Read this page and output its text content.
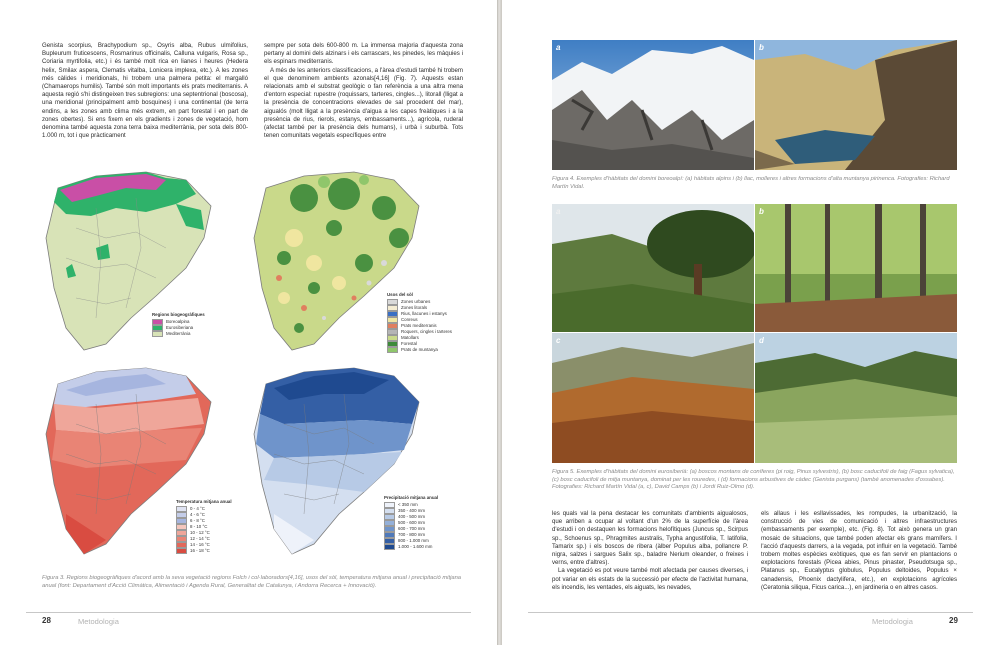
Genista scorpius, Brachypodium sp., Osyris alba, Rubus ulmifolius, Bupleurum fruticescens, Rosmarinus officinalis, Calluna vulgaris, Rosa sp., Coriaria myrtifolia, etc.) i és també molt rica en lianes i heures (Hedera helix, Smilax aspera, Clematis vitalba, Lonicera implexa, etc.). A les zones més càlides i meridionals, hi trobem una palmera petita: el margalló (Chamaerops humilis). També són molt importants els prats mediterranis. A aquesta regió s'hi distingeixen tres subregions: una septentrional (boscosa), una meridional (principalment amb bosquines) i una continental (de terra endins, a les zones amb clima més extrem, en part forestal i en part de zones obertes). Si ens fixem en els gradients i zones de vegetació, hom denomina també aquesta zona terra baixa mediterrània, per sota dels 800-1.000 m, tot i que pràcticament

sempre per sota dels 600-800 m. La immensa majoria d'aquesta zona pertany al domini dels alzinars i els carrascars, les pinedes, les màquies i els espinars mediterranis.

A més de les anteriors classificacions, a l'àrea d'estudi també hi trobem el que denominem ambients azonals[4,16] (Fig. 7). Aquests estan relacionats amb el substrat geològic o fan referència a una altra mena d'entorn especial: rupestre (roquissars, tarteres, cingles...), litorall (lligat a la presència de concentracions elevades de sal procedent del mar), aigualós (molt lligat a la presència d'aigua a les capes freàtiques i a la presència de rius, rierols, estanys, embassaments...), agrícola, ruderal (afectat també per la presència dels humans), i urbà i suburbà. Tots tenen comunitats vegetals específiques entre

Regions biogeogràfiques
Boreoalpina
Eurosiberiana
Mediterrània
Usos del sòl
Zones urbanes
Zones litorals
Rius, llacunes i estanys
Conreus
Prats mediterranis
Roquers, cingles i tarteres
Matollars
Forestal
Prats de muntanya
Temperatura mitjana anual
0 - 4 °C
4 - 6 °C
6 - 8 °C
8 - 10 °C
10 - 12 °C
12 - 14 °C
14 - 16 °C
16 - 18 °C
Precipitació mitjana anual
< 350 mm
350 - 400 mm
400 - 500 mm
500 - 600 mm
600 - 700 mm
700 - 800 mm
800 - 1.000 mm
1.000 - 1.600 mm
Figura 3. Regions biogeogràfiques d'acord amb la seva vegetació regions Folch i col·laboradors[4,16], usos del sòl, temperatura mitjana anual i precipitació mitjana anual (font: Departament d'Acció Climàtica, Alimentació i Agenda Rural, Generalitat de Catalunya, i Andorra Recerca + Innovació).
28	Metodologia
a	b
Figura 4. Exemples d'hàbitats del domini boreoalpí: (a) hàbitats alpins i (b) llac, molleres i altres formacions d'alta muntanya pirinenca. Fotografies: Richard Martín Vidal.
a	b
c	d
Figura 5. Exemples d'hàbitats del domini eurosiberià: (a) boscos montans de coníferes (pi roig, Pinus sylvestris), (b) bosc caducifoli de faig (Fagus sylvatica), (c) bosc caducifoli de mitja muntanya, dominat per les rouredes, i (d) formacions arbustives de càdec (Genista purgans) (també anomenades d'ossabes). Fotografies: Richard Martín Vidal (a, c), David Camps (b) i Jordi Ruiz-Olmo (d).

les quals val la pena destacar les comunitats d'ambients aigualosos, que arriben a ocupar al voltant d'un 2% de la superfície de l'àrea d'estudi i on destaquen les formacions helofítiques (Juncus sp., Scirpus sp., Schoenus sp., Phragmites australis, Typha angustifolia, T. latifolia, Tamarix sp.) i els boscos de ribera (àlber Populus alba, pollancre P. nigra, salzes i sargues Salix sp., baladre Nerium oleander, o freixes i verns, entre d'altres).

La vegetació es pot veure també molt afectada per causes diverses, i pot variar en els estats de la successió per efecte de l'activitat humana, els incendis, les ventades, els aiguats, les nevades,

els allaus i les esllavissades, les rompudes, la urbanització, la construcció de vies de comunicació i altres infraestructures (embassaments per exemple), etc. (Fig. 8). Tot això genera un gran mosaic de situacions, que també poden afectar els grans mamífers. I l'acció d'aquests darrers, a la vegada, pot influir en la vegetació. També trobem moltes espècies exòtiques, que es fan servir en plantacions o explotacions forestals (Picea abies, Pinus pinaster, Pseudotsuga sp., Platanus sp., Eucalyptus globulus, Populus deltoides, Populus × canadensis, Phoenix dactylifera, etc.), en explotacions agrícoles (Ceratonia siliqua, Ficus carica...), en jardineria o en altres casos.

Metodologia	29
